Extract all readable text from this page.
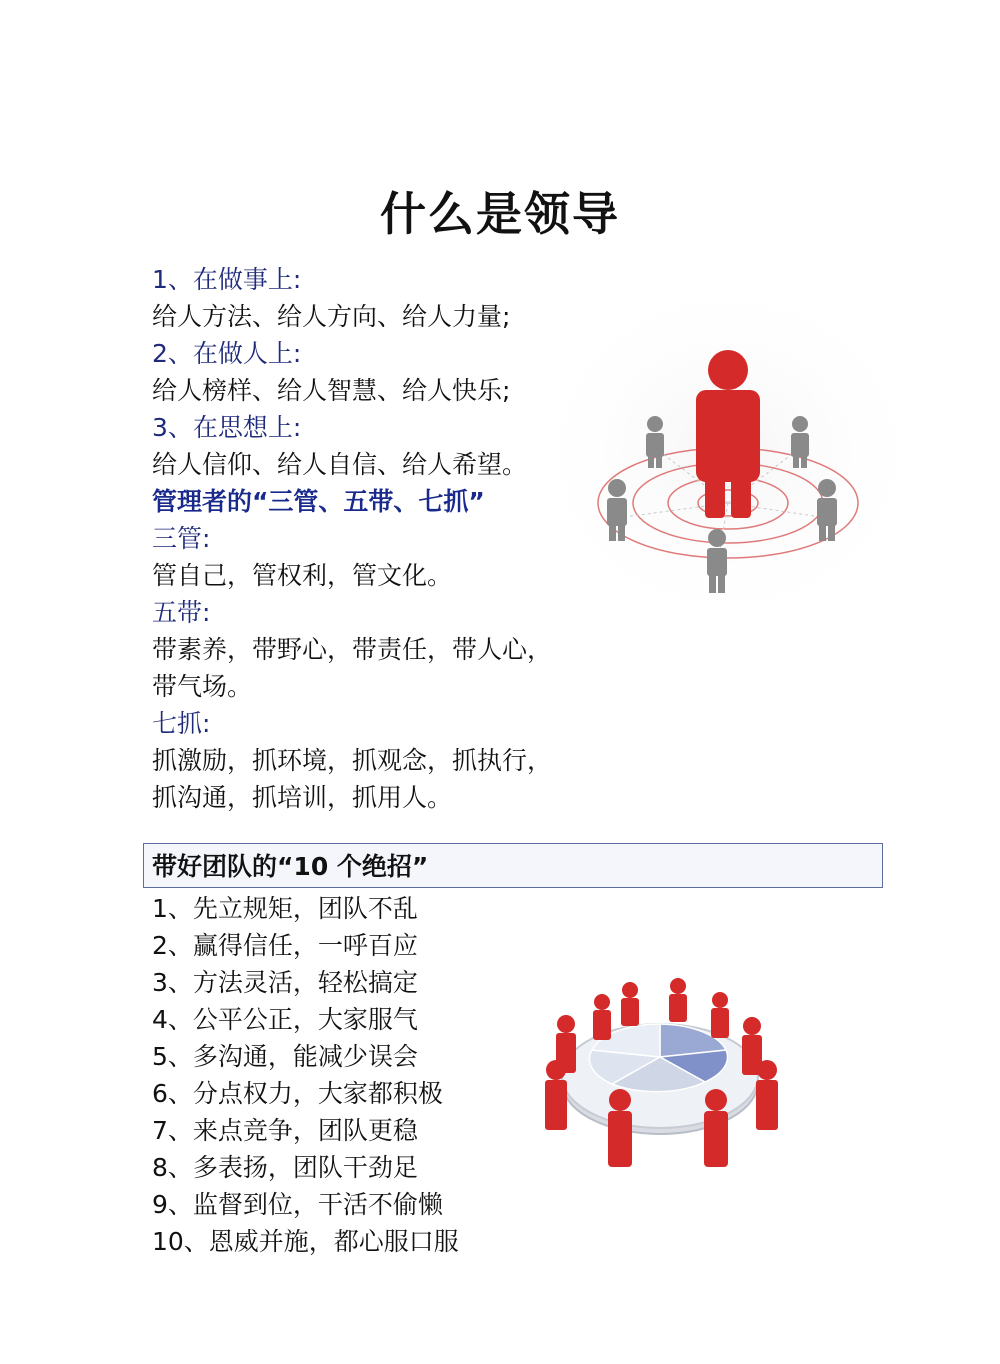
什么是领导
1、在做事上:
给人方法、给人方向、给人力量;
2、在做人上:
给人榜样、给人智慧、给人快乐;
3、在思想上:
给人信仰、给人自信、给人希望。
管理者的“三管、五带、七抓”
三管:
管自己，管权利，管文化。
五带:
带素养，带野心，带责任，带人心，
带气场。
七抓:
抓激励，抓环境，抓观念，抓执行，
抓沟通，抓培训，抓用人。
带好团队的“10 个绝招”
1、先立规矩，团队不乱
2、赢得信任，一呼百应
3、方法灵活，轻松搞定
4、公平公正，大家服气
5、多沟通，能减少误会
6、分点权力，大家都积极
7、来点竞争，团队更稳
8、多表扬，团队干劲足
9、监督到位，干活不偷懒
10、恩威并施，都心服口服
